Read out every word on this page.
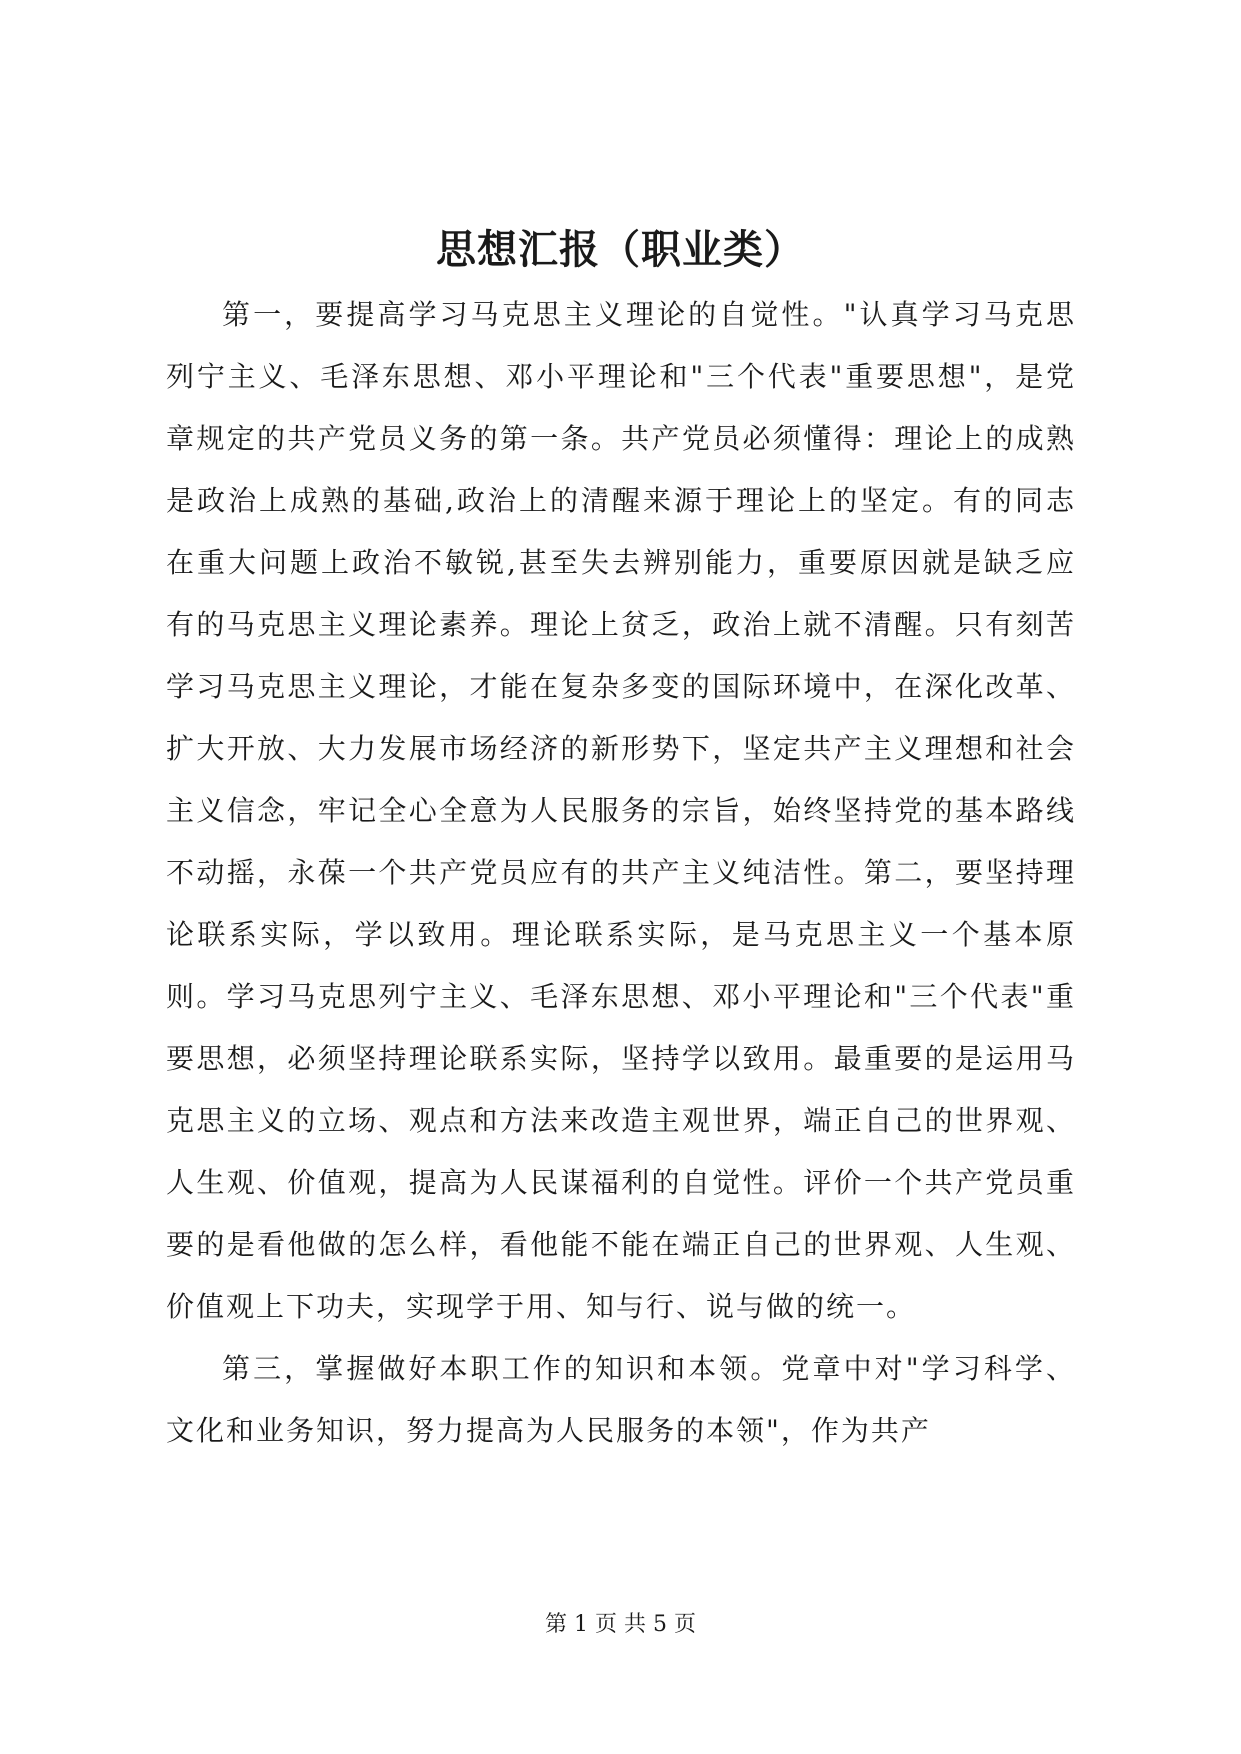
思想汇报（职业类）

第一，要提高学习马克思主义理论的自觉性。"认真学习马克思列宁主义、毛泽东思想、邓小平理论和"三个代表"重要思想"，是党章规定的共产党员义务的第一条。共产党员必须懂得：理论上的成熟是政治上成熟的基础,政治上的清醒来源于理论上的坚定。有的同志在重大问题上政治不敏锐,甚至失去辨别能力，重要原因就是缺乏应有的马克思主义理论素养。理论上贫乏，政治上就不清醒。只有刻苦学习马克思主义理论，才能在复杂多变的国际环境中，在深化改革、扩大开放、大力发展市场经济的新形势下，坚定共产主义理想和社会主义信念，牢记全心全意为人民服务的宗旨，始终坚持党的基本路线不动摇，永葆一个共产党员应有的共产主义纯洁性。第二，要坚持理论联系实际，学以致用。理论联系实际，是马克思主义一个基本原则。学习马克思列宁主义、毛泽东思想、邓小平理论和"三个代表"重要思想，必须坚持理论联系实际，坚持学以致用。最重要的是运用马克思主义的立场、观点和方法来改造主观世界，端正自己的世界观、人生观、价值观，提高为人民谋福利的自觉性。评价一个共产党员重要的是看他做的怎么样，看他能不能在端正自己的世界观、人生观、价值观上下功夫，实现学于用、知与行、说与做的统一。

第三，掌握做好本职工作的知识和本领。党章中对"学习科学、文化和业务知识，努力提高为人民服务的本领"，作为共产

第 1 页 共 5 页
